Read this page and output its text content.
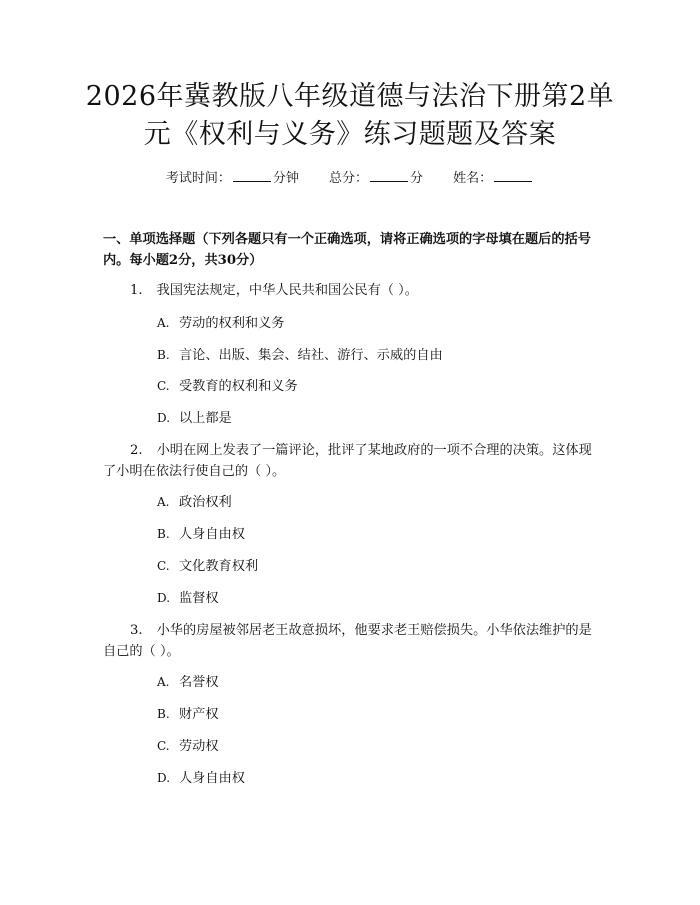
2026年冀教版八年级道德与法治下册第2单
元《权利与义务》练习题题及答案
考试时间：	分钟 总分：	分 姓名：

一、单项选择题（下列各题只有一个正确选项，请将正确选项的字母填在题后的括号内。每小题2分，共30分）

1. 我国宪法规定，中华人民共和国公民有（ ）。

A. 劳动的权利和义务

B. 言论、出版、集会、结社、游行、示威的自由

C. 受教育的权利和义务

D. 以上都是

2. 小明在网上发表了一篇评论，批评了某地政府的一项不合理的决策。这体现了小明在依法行使自己的（ ）。

A. 政治权利

B. 人身自由权

C. 文化教育权利

D. 监督权

3. 小华的房屋被邻居老王故意损坏，他要求老王赔偿损失。小华依法维护的是自己的（ ）。

A. 名誉权

B. 财产权

C. 劳动权

D. 人身自由权
